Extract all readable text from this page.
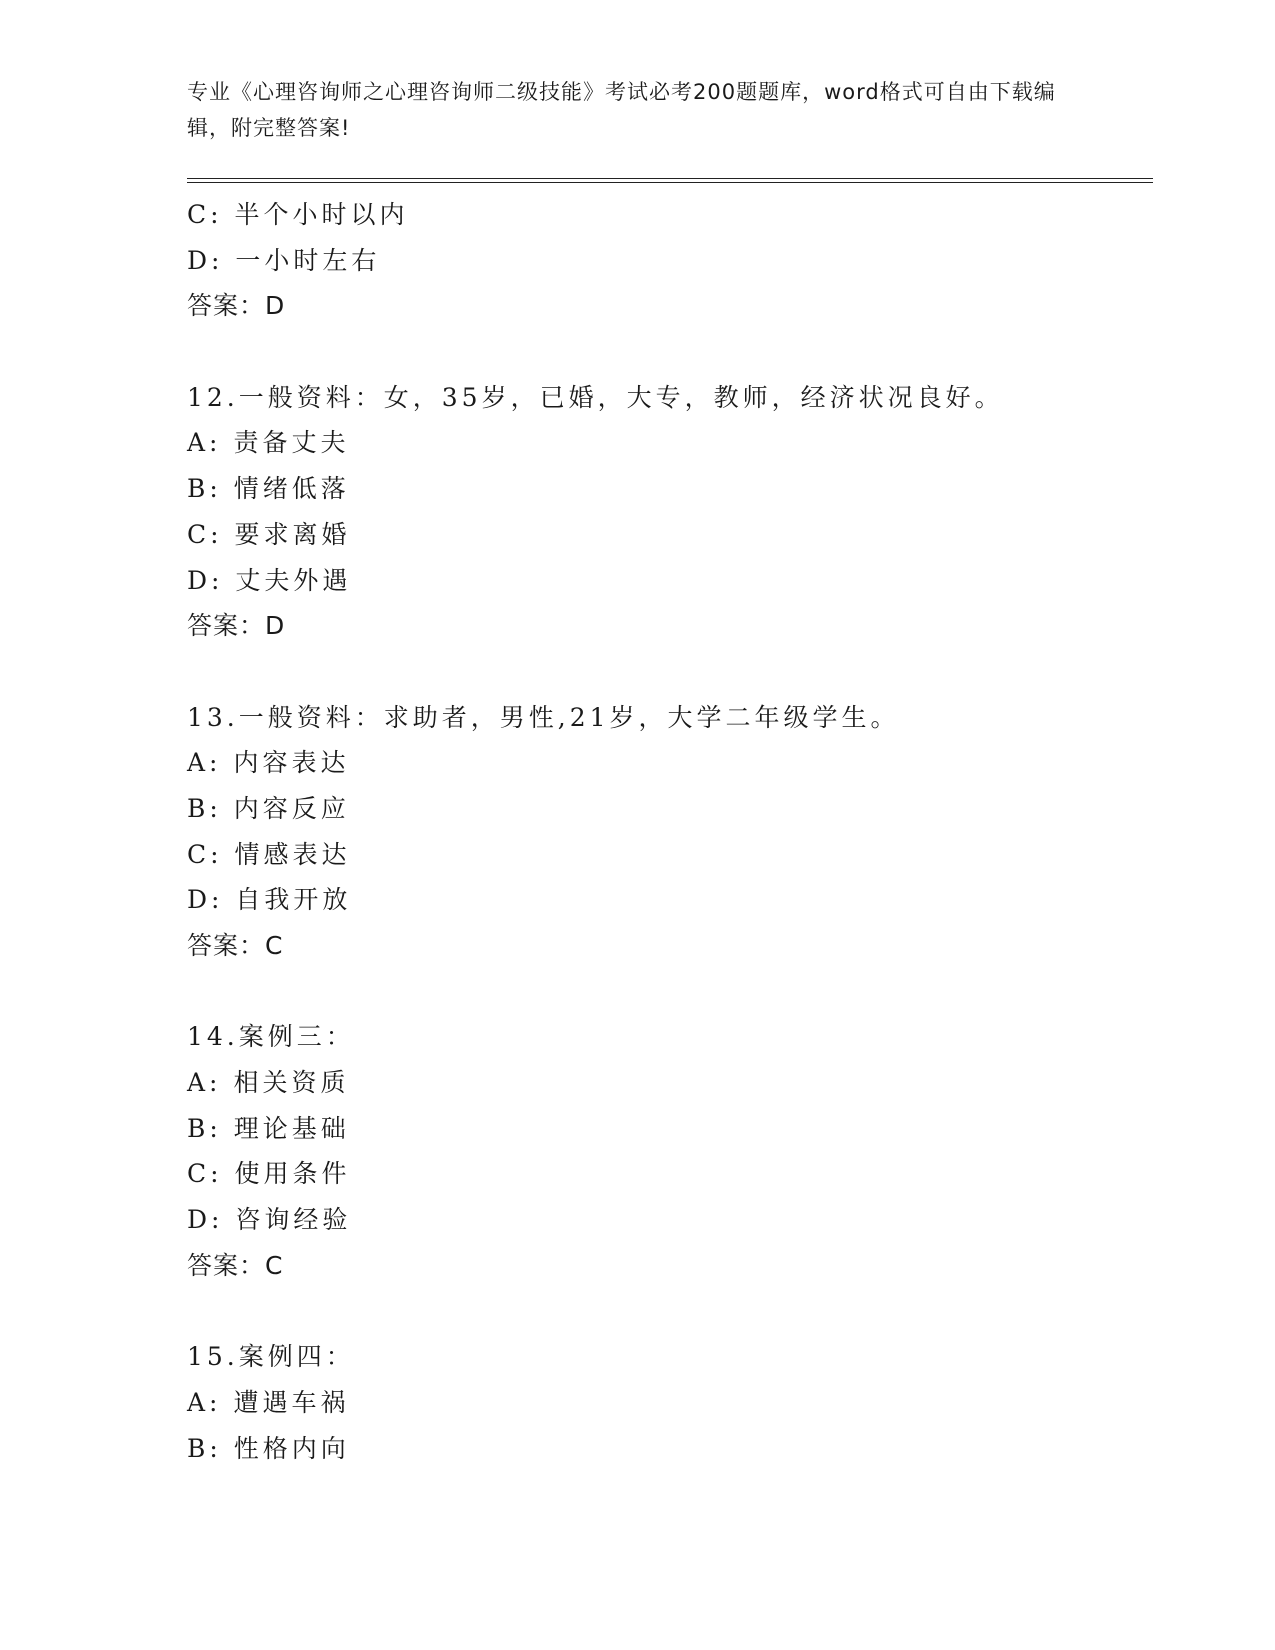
专业《心理咨询师之心理咨询师二级技能》考试必考200题题库，word格式可自由下载编辑，附完整答案!
C: 半个小时以内
D: 一小时左右
答案：D
12.一般资料：女，35岁，已婚，大专，教师，经济状况良好。
A: 责备丈夫
B: 情绪低落
C: 要求离婚
D: 丈夫外遇
答案：D
13.一般资料：求助者，男性,21岁，大学二年级学生。
A: 内容表达
B: 内容反应
C: 情感表达
D: 自我开放
答案：C
14.案例三：
A: 相关资质
B: 理论基础
C: 使用条件
D: 咨询经验
答案：C
15.案例四：
A: 遭遇车祸
B: 性格内向
